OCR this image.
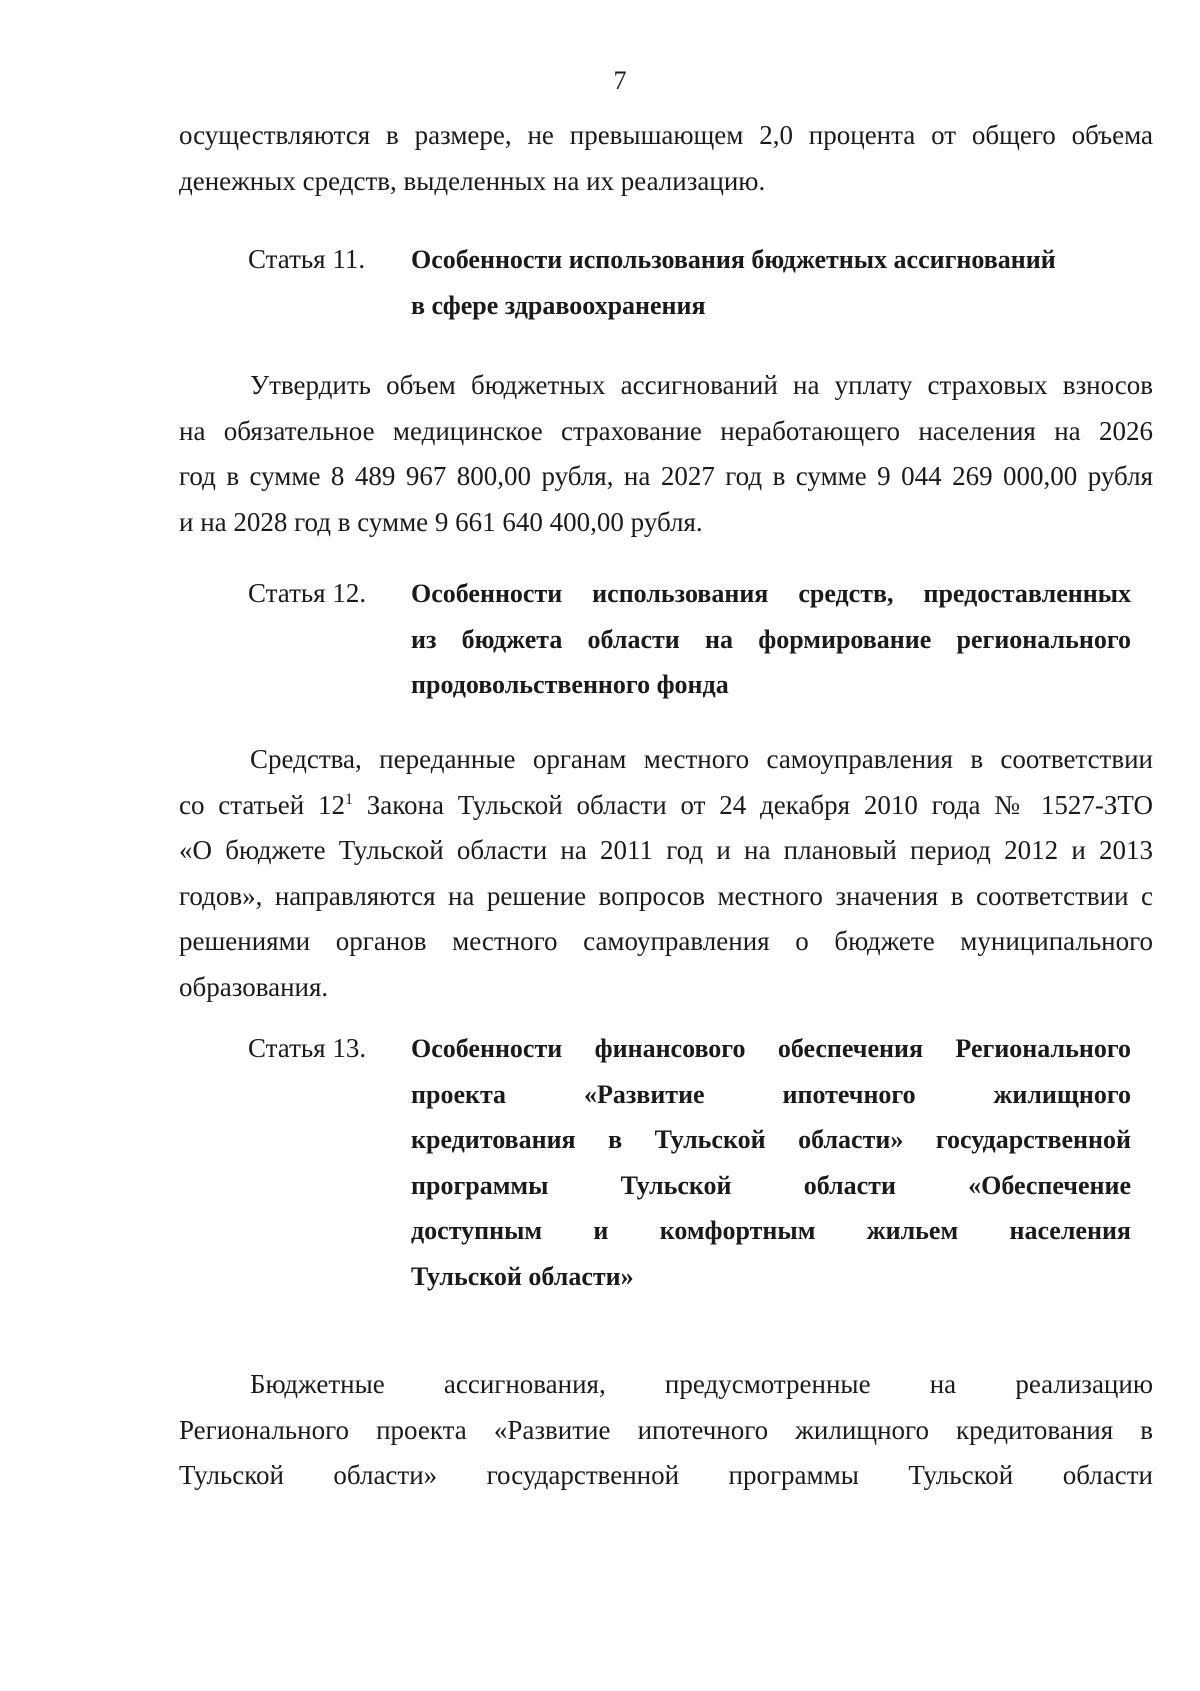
7
осуществляются в размере, не превышающем 2,0 процента от общего объема
денежных средств, выделенных на их реализацию.
Статья 11. Особенности использования бюджетных ассигнований
в сфере здравоохранения
Утвердить объем бюджетных ассигнований на уплату страховых взносов
на обязательное медицинское страхование неработающего населения на 2026
год в сумме 8 489 967 800,00 рубля, на 2027 год в сумме 9 044 269 000,00 рубля
и на 2028 год в сумме 9 661 640 400,00 рубля.
Статья 12. Особенности использования средств, предоставленных
из бюджета области на формирование регионального
продовольственного фонда
Средства, переданные органам местного самоуправления в соответствии
со статьей $12^1$ Закона Тульской области от 24 декабря 2010 года № 1527-ЗТО
«О бюджете Тульской области на 2011 год и на плановый период 2012 и 2013
годов», направляются на решение вопросов местного значения в соответствии с
решениями органов местного самоуправления о бюджете муниципального
образования.
Статья 13. Особенности финансового обеспечения Регионального
проекта «Развитие ипотечного жилищного
кредитования в Тульской области» государственной
программы Тульской области «Обеспечение
доступным и комфортным жильем населения
Тульской области»
Бюджетные ассигнования, предусмотренные на реализацию
Регионального проекта «Развитие ипотечного жилищного кредитования в
Тульской области» государственной программы Тульской области
